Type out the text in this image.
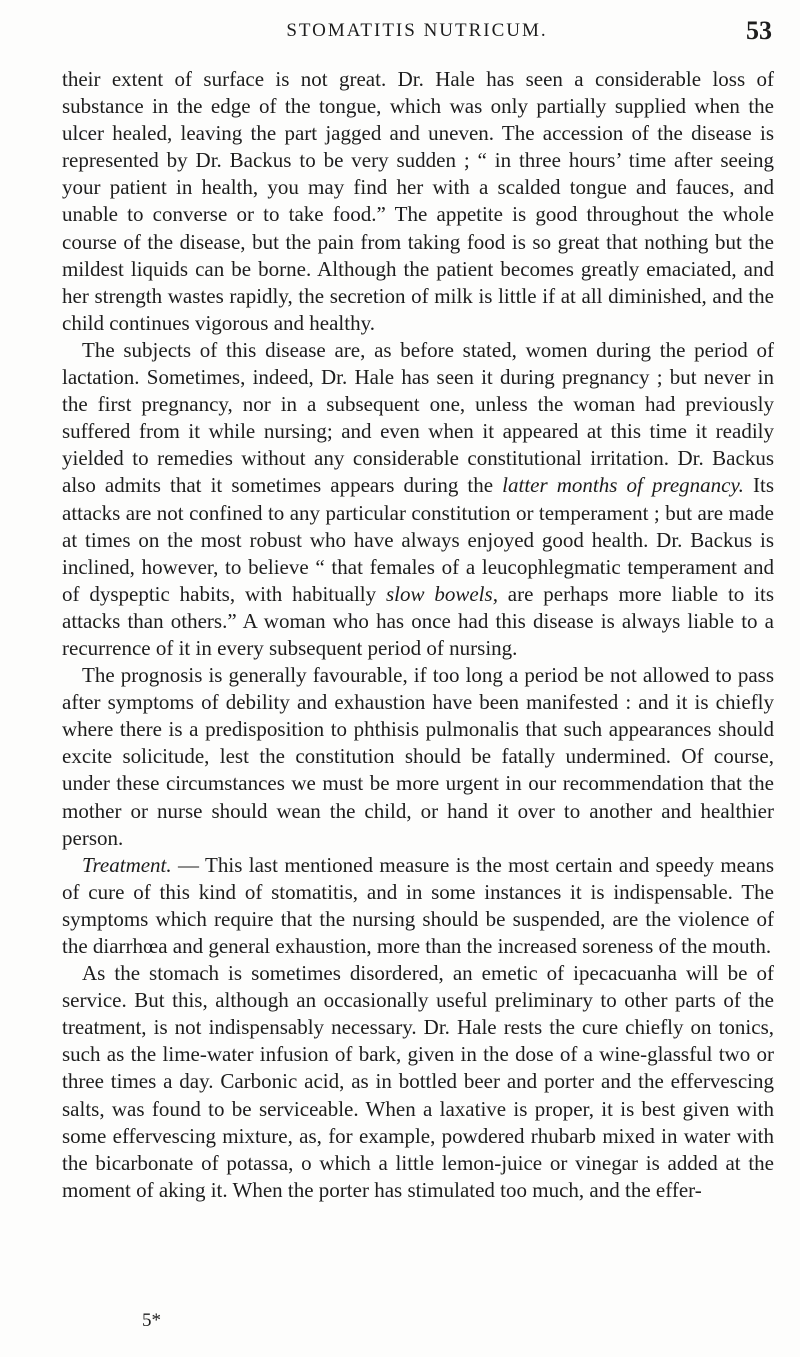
STOMATITIS NUTRICUM.	53

their extent of surface is not great. Dr. Hale has seen a considerable loss of substance in the edge of the tongue, which was only partially supplied when the ulcer healed, leaving the part jagged and uneven. The accession of the disease is represented by Dr. Backus to be very sudden ; “ in three hours’ time after seeing your patient in health, you may find her with a scalded tongue and fauces, and unable to converse or to take food.” The appetite is good throughout the whole course of the disease, but the pain from taking food is so great that nothing but the mildest liquids can be borne. Although the patient becomes greatly emaciated, and her strength wastes rapidly, the secretion of milk is little if at all diminished, and the child continues vigorous and healthy.

The subjects of this disease are, as before stated, women during the period of lactation. Sometimes, indeed, Dr. Hale has seen it during pregnancy ; but never in the first pregnancy, nor in a subsequent one, unless the woman had previously suffered from it while nursing; and even when it appeared at this time it readily yielded to remedies without any considerable constitutional irritation. Dr. Backus also admits that it sometimes appears during the latter months of pregnancy. Its attacks are not confined to any particular constitution or temperament ; but are made at times on the most robust who have always enjoyed good health. Dr. Backus is inclined, however, to believe “ that females of a leucophlegmatic temperament and of dyspeptic habits, with habitually slow bowels, are perhaps more liable to its attacks than others.” A woman who has once had this disease is always liable to a recurrence of it in every subsequent period of nursing.

The prognosis is generally favourable, if too long a period be not allowed to pass after symptoms of debility and exhaustion have been manifested : and it is chiefly where there is a predisposition to phthisis pulmonalis that such appearances should excite solicitude, lest the constitution should be fatally undermined. Of course, under these circumstances we must be more urgent in our recommendation that the mother or nurse should wean the child, or hand it over to another and healthier person.

Treatment. — This last mentioned measure is the most certain and speedy means of cure of this kind of stomatitis, and in some instances it is indispensable. The symptoms which require that the nursing should be suspended, are the violence of the diarrhœa and general exhaustion, more than the increased soreness of the mouth.

As the stomach is sometimes disordered, an emetic of ipecacuanha will be of service. But this, although an occasionally useful preliminary to other parts of the treatment, is not indispensably necessary. Dr. Hale rests the cure chiefly on tonics, such as the lime-water infusion of bark, given in the dose of a wine-glassful two or three times a day. Carbonic acid, as in bottled beer and porter and the effervescing salts, was found to be serviceable. When a laxative is proper, it is best given with some effervescing mixture, as, for example, powdered rhubarb mixed in water with the bicarbonate of potassa, o which a little lemon-juice or vinegar is added at the moment of aking it. When the porter has stimulated too much, and the effer-

5*
